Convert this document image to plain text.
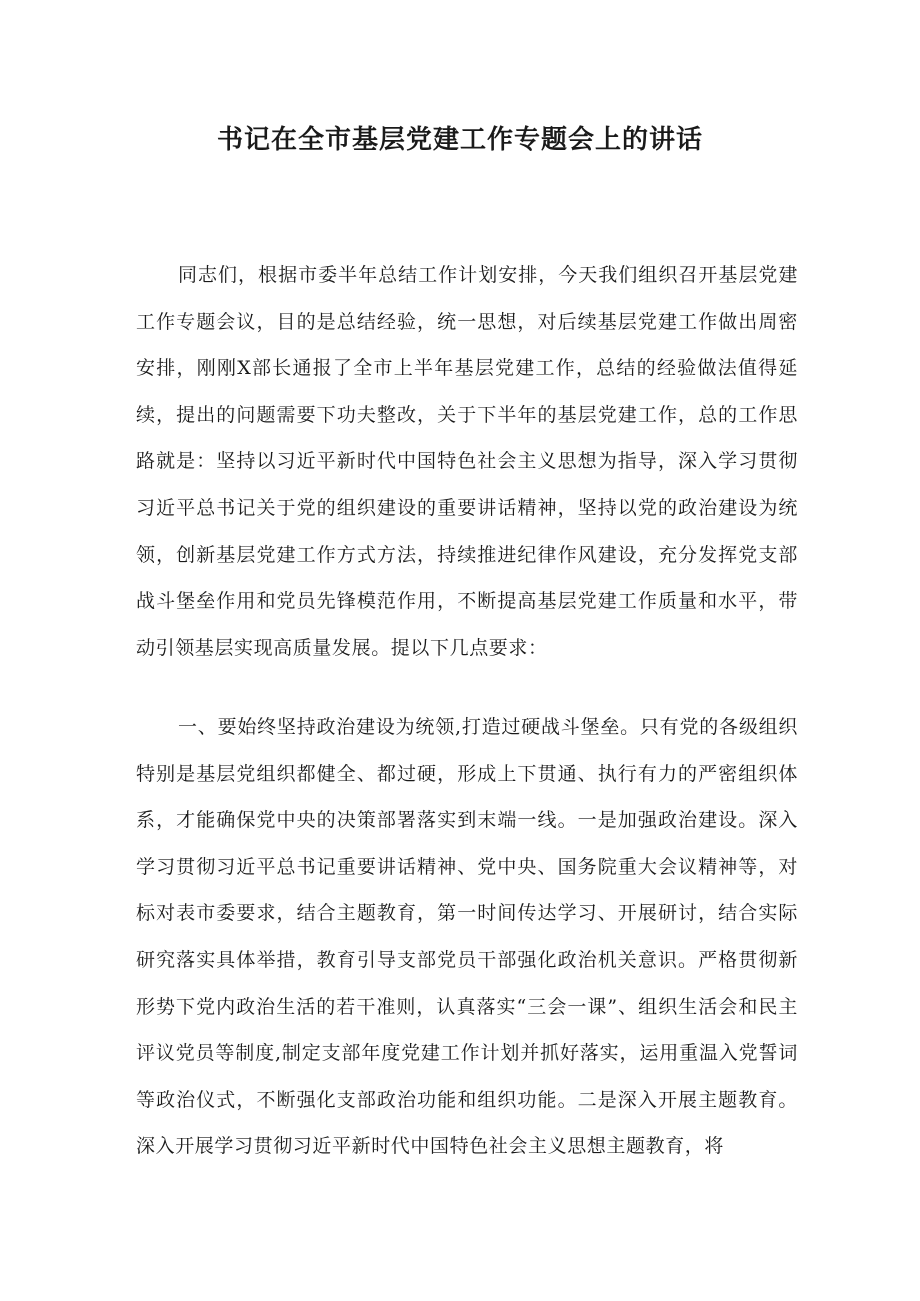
书记在全市基层党建工作专题会上的讲话

同志们，根据市委半年总结工作计划安排，今天我们组织召开基层党建工作专题会议，目的是总结经验，统一思想，对后续基层党建工作做出周密安排，刚刚X部长通报了全市上半年基层党建工作，总结的经验做法值得延续，提出的问题需要下功夫整改，关于下半年的基层党建工作，总的工作思路就是：坚持以习近平新时代中国特色社会主义思想为指导，深入学习贯彻习近平总书记关于党的组织建设的重要讲话精神，坚持以党的政治建设为统领，创新基层党建工作方式方法，持续推进纪律作风建设，充分发挥党支部战斗堡垒作用和党员先锋模范作用，不断提高基层党建工作质量和水平，带动引领基层实现高质量发展。提以下几点要求：

一、要始终坚持政治建设为统领,打造过硬战斗堡垒。只有党的各级组织特别是基层党组织都健全、都过硬，形成上下贯通、执行有力的严密组织体系，才能确保党中央的决策部署落实到末端一线。一是加强政治建设。深入学习贯彻习近平总书记重要讲话精神、党中央、国务院重大会议精神等，对标对表市委要求，结合主题教育，第一时间传达学习、开展研讨，结合实际研究落实具体举措，教育引导支部党员干部强化政治机关意识。严格贯彻新形势下党内政治生活的若干准则，认真落实“三会一课”、组织生活会和民主评议党员等制度,制定支部年度党建工作计划并抓好落实，运用重温入党誓词等政治仪式，不断强化支部政治功能和组织功能。二是深入开展主题教育。深入开展学习贯彻习近平新时代中国特色社会主义思想主题教育，将
